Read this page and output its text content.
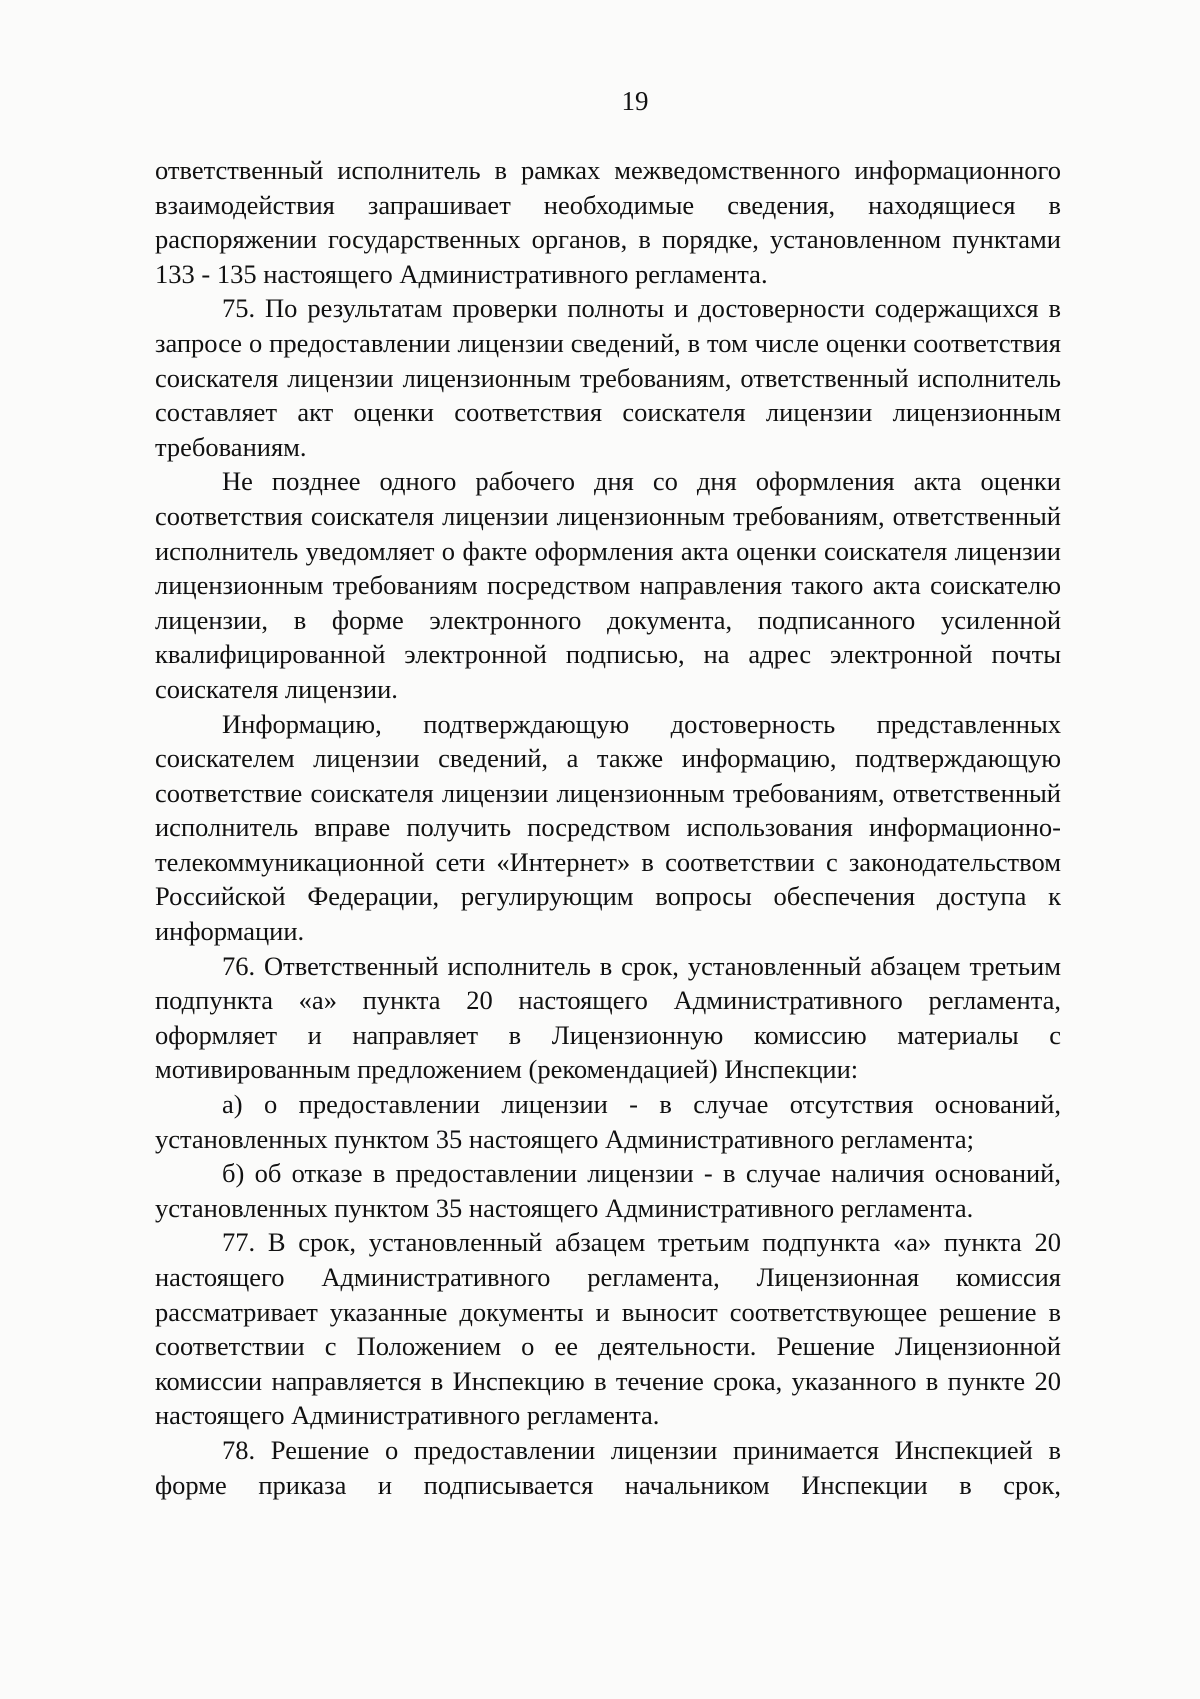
19

ответственный исполнитель в рамках межведомственного информационного взаимодействия запрашивает необходимые сведения, находящиеся в распоряжении государственных органов, в порядке, установленном пунктами 133 - 135 настоящего Административного регламента.

75. По результатам проверки полноты и достоверности содержащихся в запросе о предоставлении лицензии сведений, в том числе оценки соответствия соискателя лицензии лицензионным требованиям, ответственный исполнитель составляет акт оценки соответствия соискателя лицензии лицензионным требованиям.

Не позднее одного рабочего дня со дня оформления акта оценки соответствия соискателя лицензии лицензионным требованиям, ответственный исполнитель уведомляет о факте оформления акта оценки соискателя лицензии лицензионным требованиям посредством направления такого акта соискателю лицензии, в форме электронного документа, подписанного усиленной квалифицированной электронной подписью, на адрес электронной почты соискателя лицензии.

Информацию, подтверждающую достоверность представленных соискателем лицензии сведений, а также информацию, подтверждающую соответствие соискателя лицензии лицензионным требованиям, ответственный исполнитель вправе получить посредством использования информационно-телекоммуникационной сети «Интернет» в соответствии с законодательством Российской Федерации, регулирующим вопросы обеспечения доступа к информации.

76. Ответственный исполнитель в срок, установленный абзацем третьим подпункта «а» пункта 20 настоящего Административного регламента, оформляет и направляет в Лицензионную комиссию материалы с мотивированным предложением (рекомендацией) Инспекции:

а) о предоставлении лицензии - в случае отсутствия оснований, установленных пунктом 35 настоящего Административного регламента;

б) об отказе в предоставлении лицензии - в случае наличия оснований, установленных пунктом 35 настоящего Административного регламента.

77. В срок, установленный абзацем третьим подпункта «а» пункта 20 настоящего Административного регламента, Лицензионная комиссия рассматривает указанные документы и выносит соответствующее решение в соответствии с Положением о ее деятельности. Решение Лицензионной комиссии направляется в Инспекцию в течение срока, указанного в пункте 20 настоящего Административного регламента.

78. Решение о предоставлении лицензии принимается Инспекцией в форме приказа и подписывается начальником Инспекции в срок,
